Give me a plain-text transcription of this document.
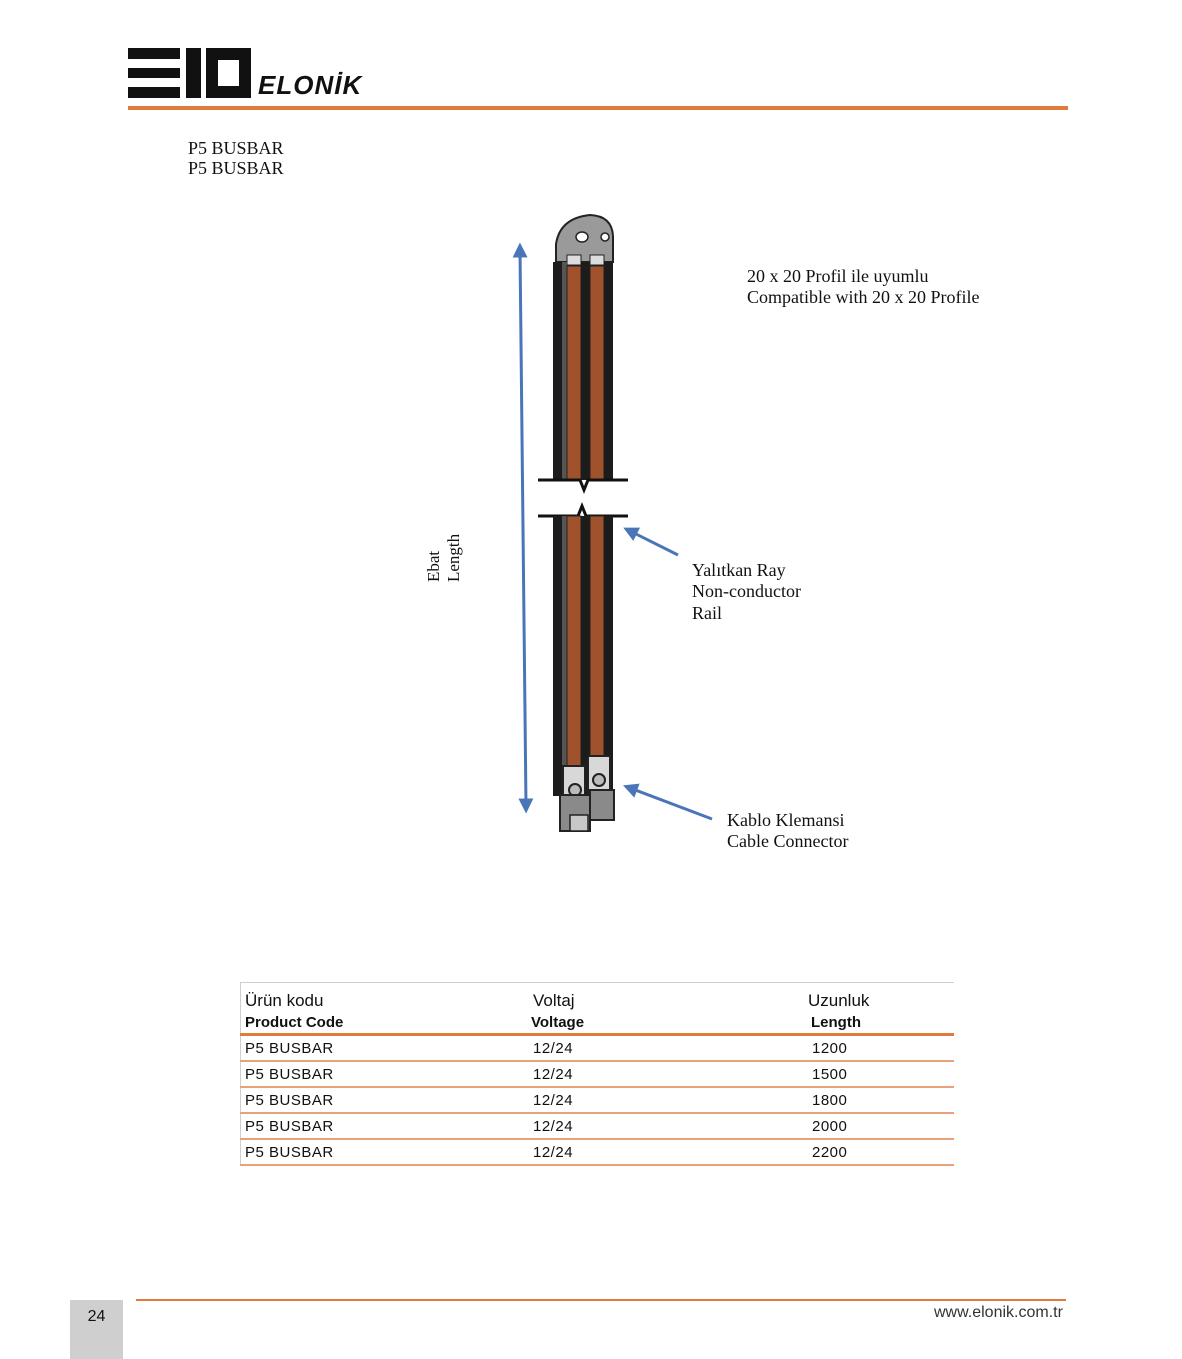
ELONİK
P5 BUSBAR
P5 BUSBAR
20 x 20 Profil ile uyumlu
Compatible with 20 x 20 Profile
Yalıtkan Ray
Non-conductor
Rail
Kablo Klemansi
Cable Connector
Ebat Length
Ürün kodu	Voltaj	Uzunluk
Product Code	Voltage	Length
P5 BUSBAR	12/24	1200
P5 BUSBAR	12/24	1500
P5 BUSBAR	12/24	1800
P5 BUSBAR	12/24	2000
P5 BUSBAR	12/24	2200
24	www.elonik.com.tr
